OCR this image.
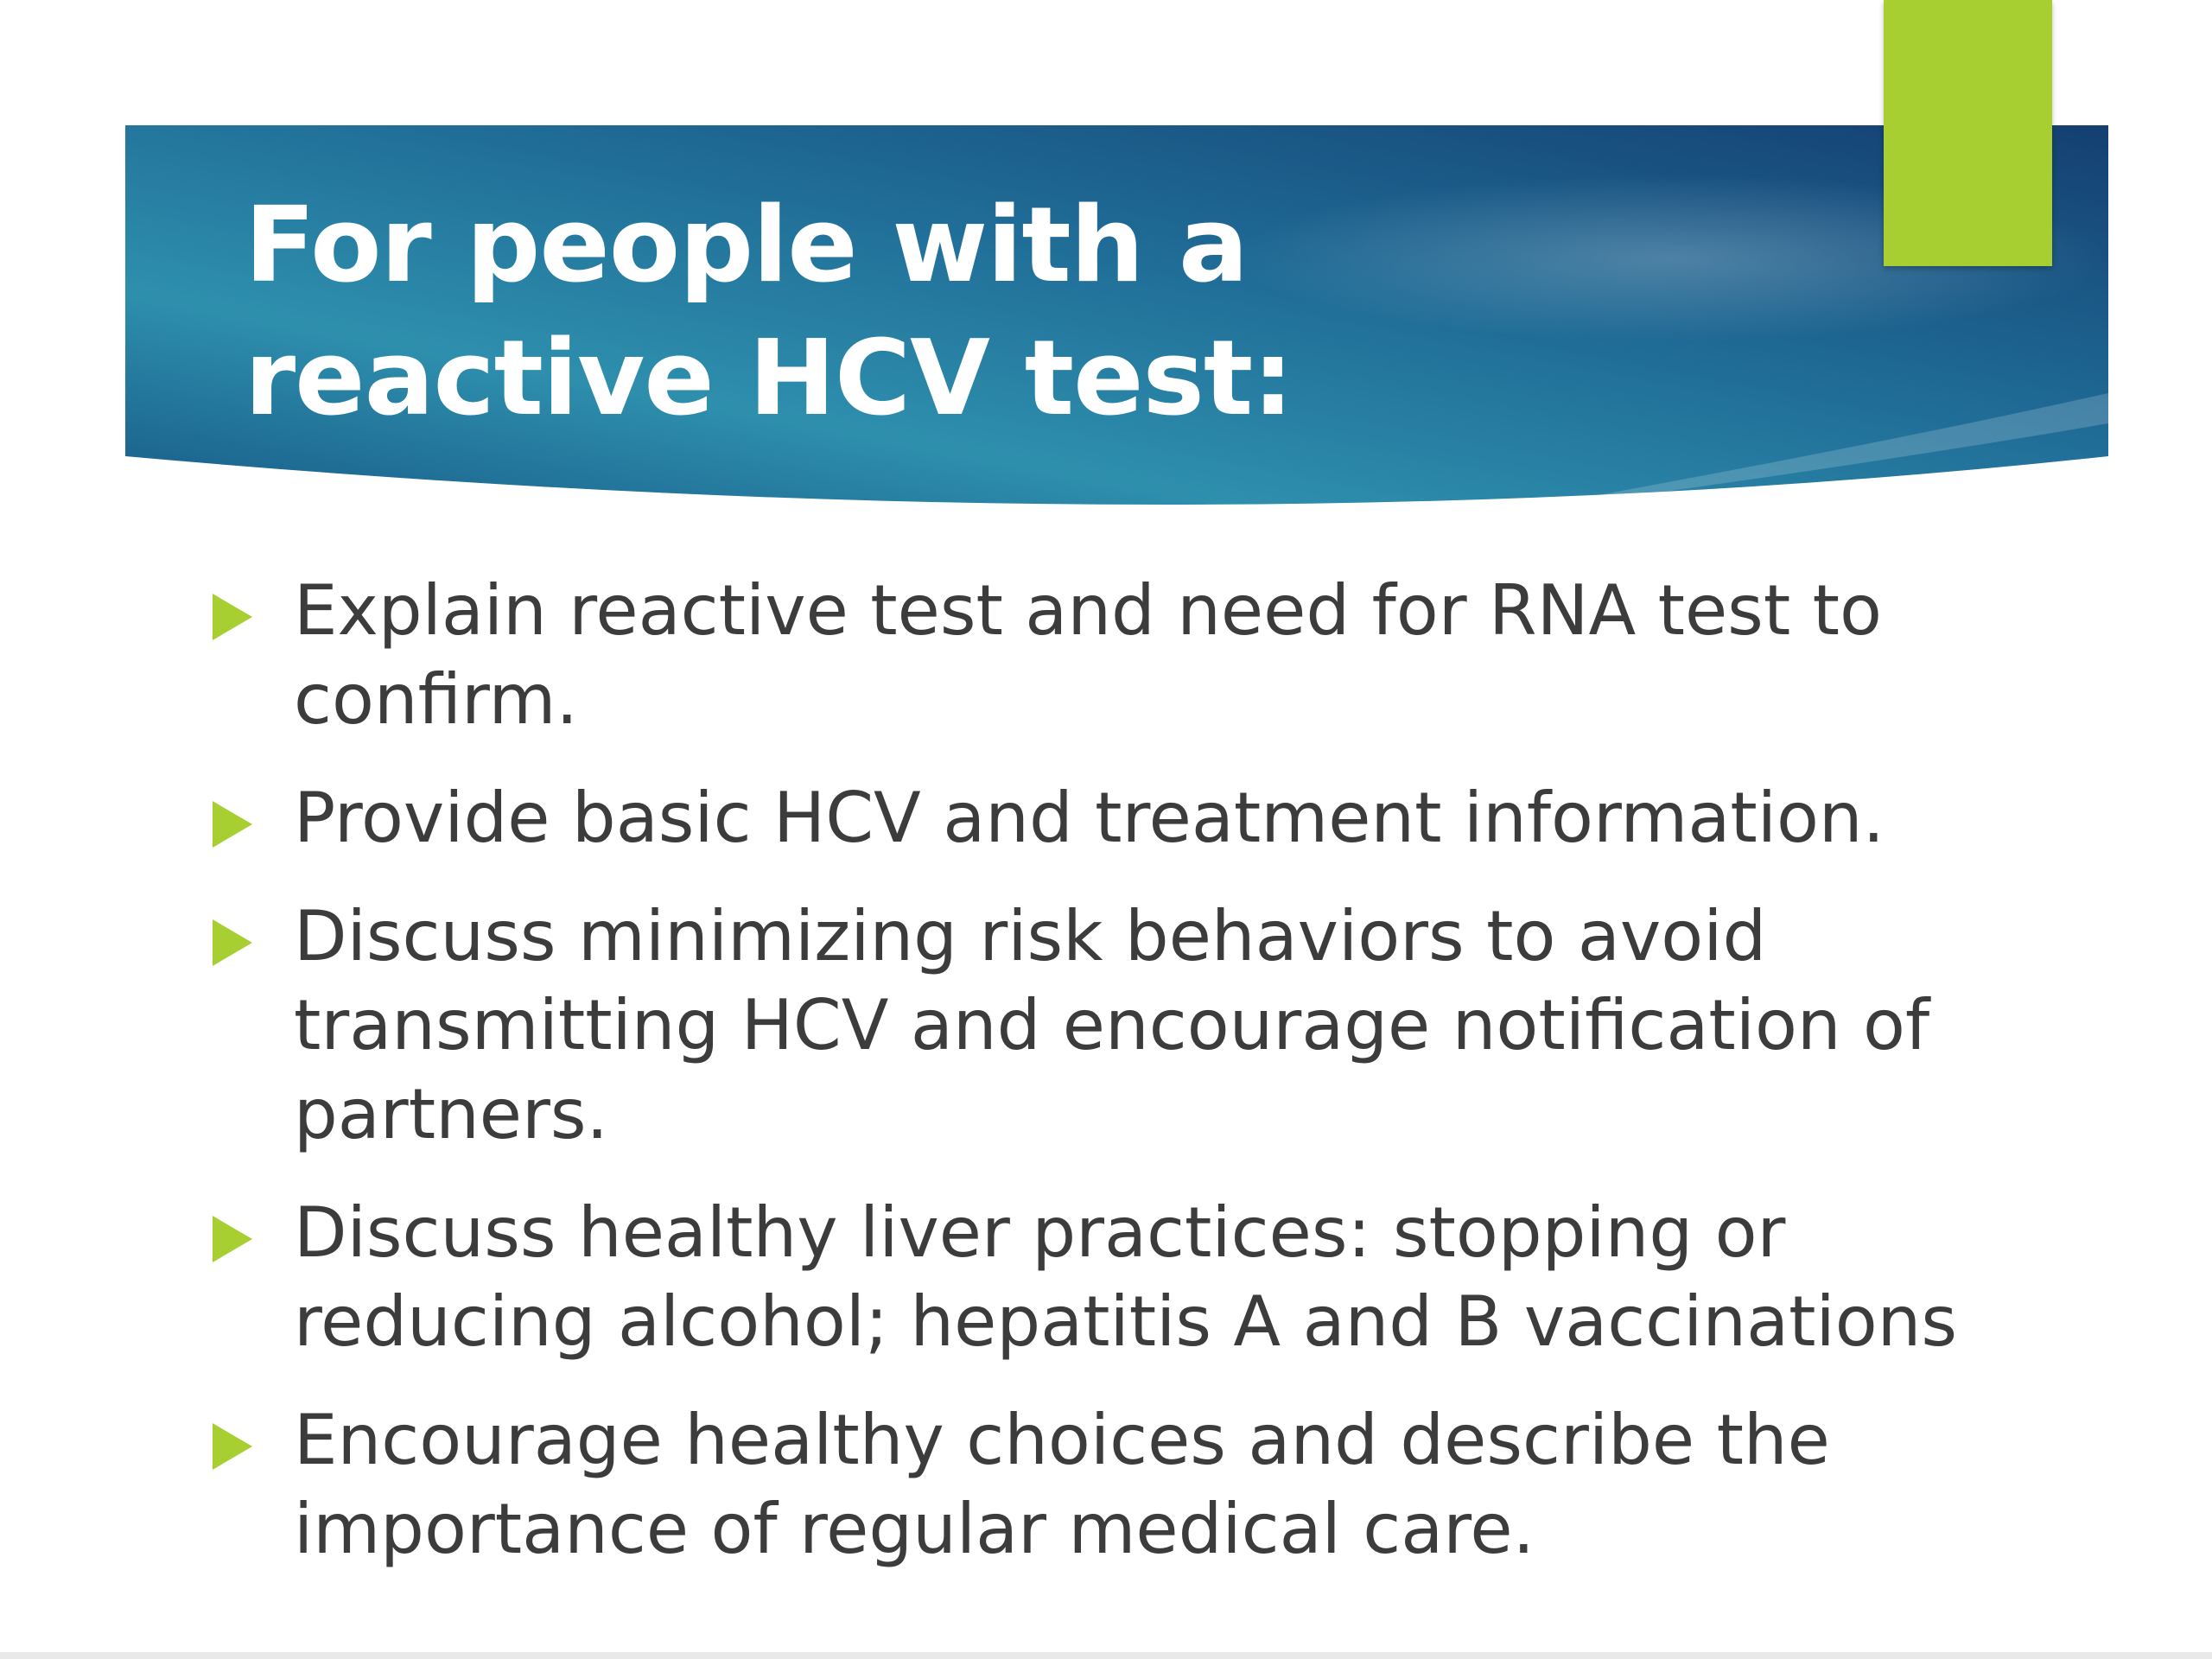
For people with a
reactive HCV test:
Explain reactive test and need for RNA test to
confirm.
Provide basic HCV and treatment information.
Discuss minimizing risk behaviors to avoid
transmitting HCV and encourage notification of
partners.
Discuss healthy liver practices: stopping or
reducing alcohol; hepatitis A and B vaccinations
Encourage healthy choices and describe the
importance of regular medical care.
